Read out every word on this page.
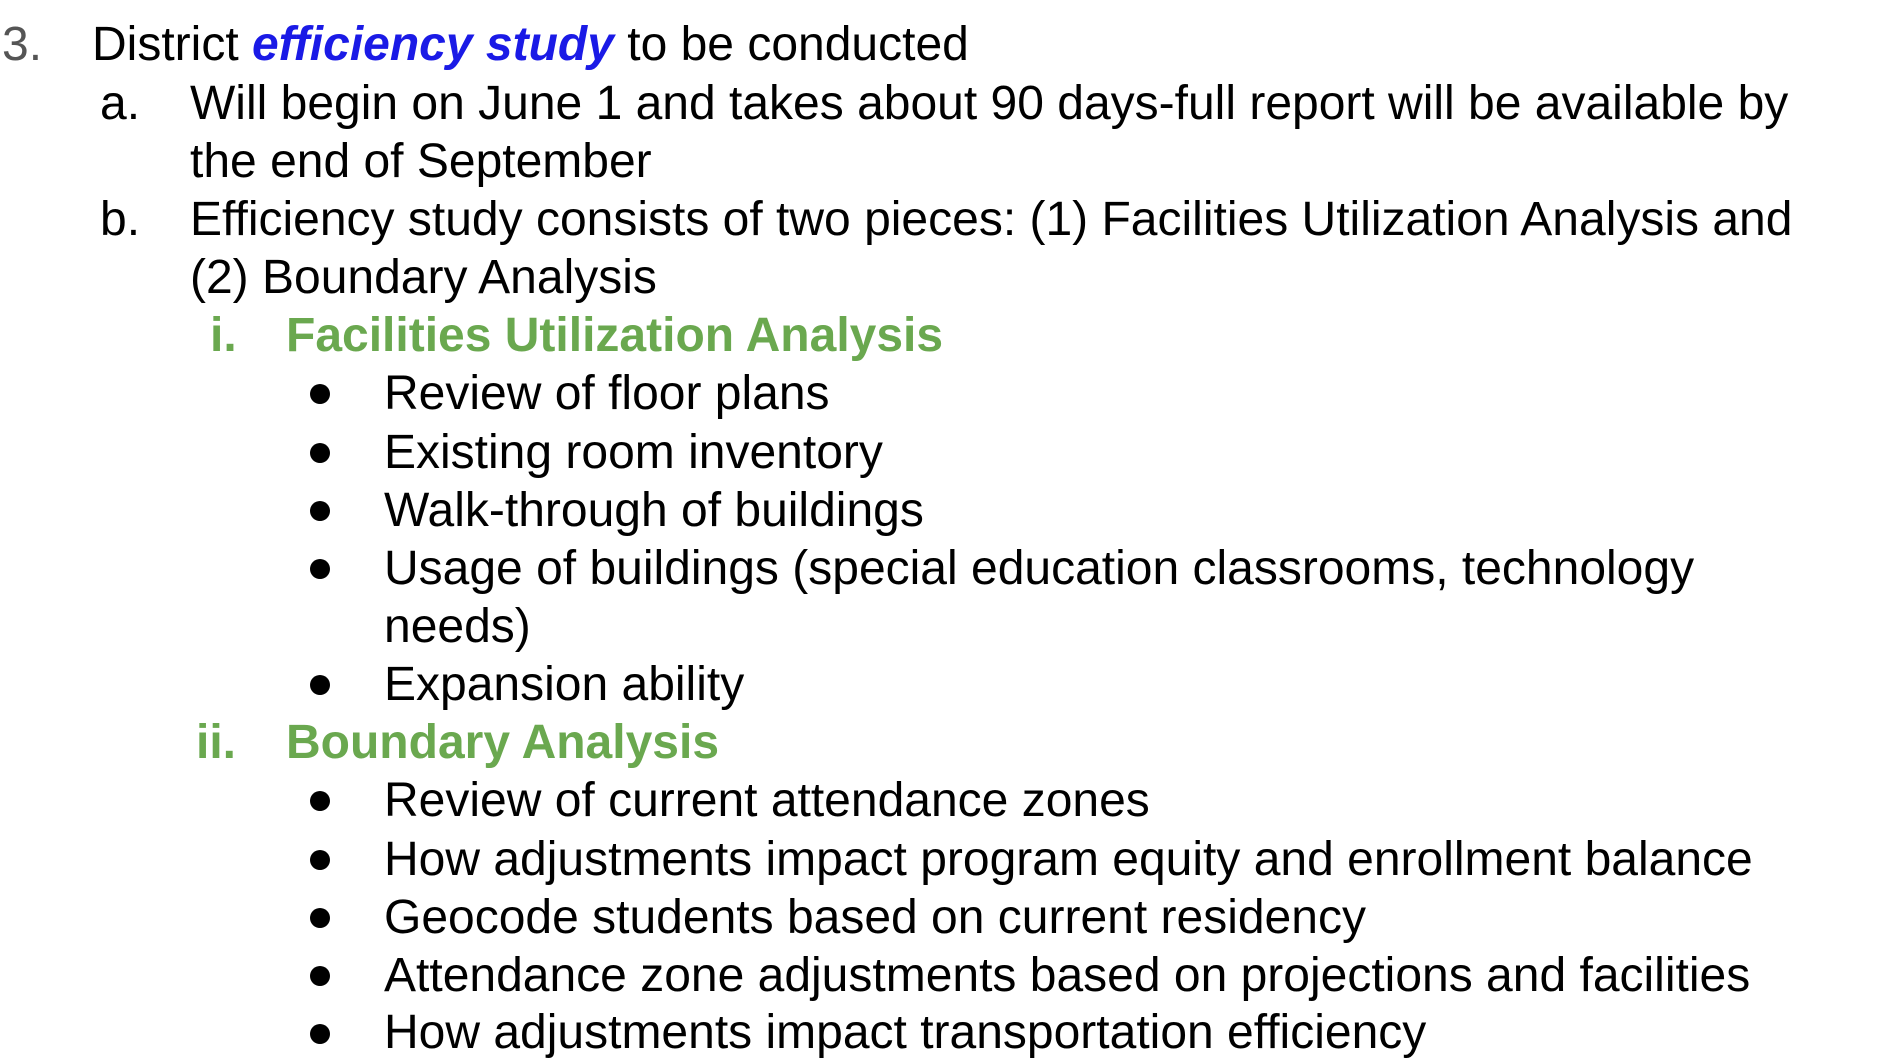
3. District efficiency study to be conducted
a. Will begin on June 1 and takes about 90 days-full report will be available by
the end of September
b. Efficiency study consists of two pieces: (1) Facilities Utilization Analysis and
(2) Boundary Analysis
i. Facilities Utilization Analysis
Review of floor plans
Existing room inventory
Walk-through of buildings
Usage of buildings (special education classrooms, technology
needs)
Expansion ability
ii. Boundary Analysis
Review of current attendance zones
How adjustments impact program equity and enrollment balance
Geocode students based on current residency
Attendance zone adjustments based on projections and facilities
How adjustments impact transportation efficiency
